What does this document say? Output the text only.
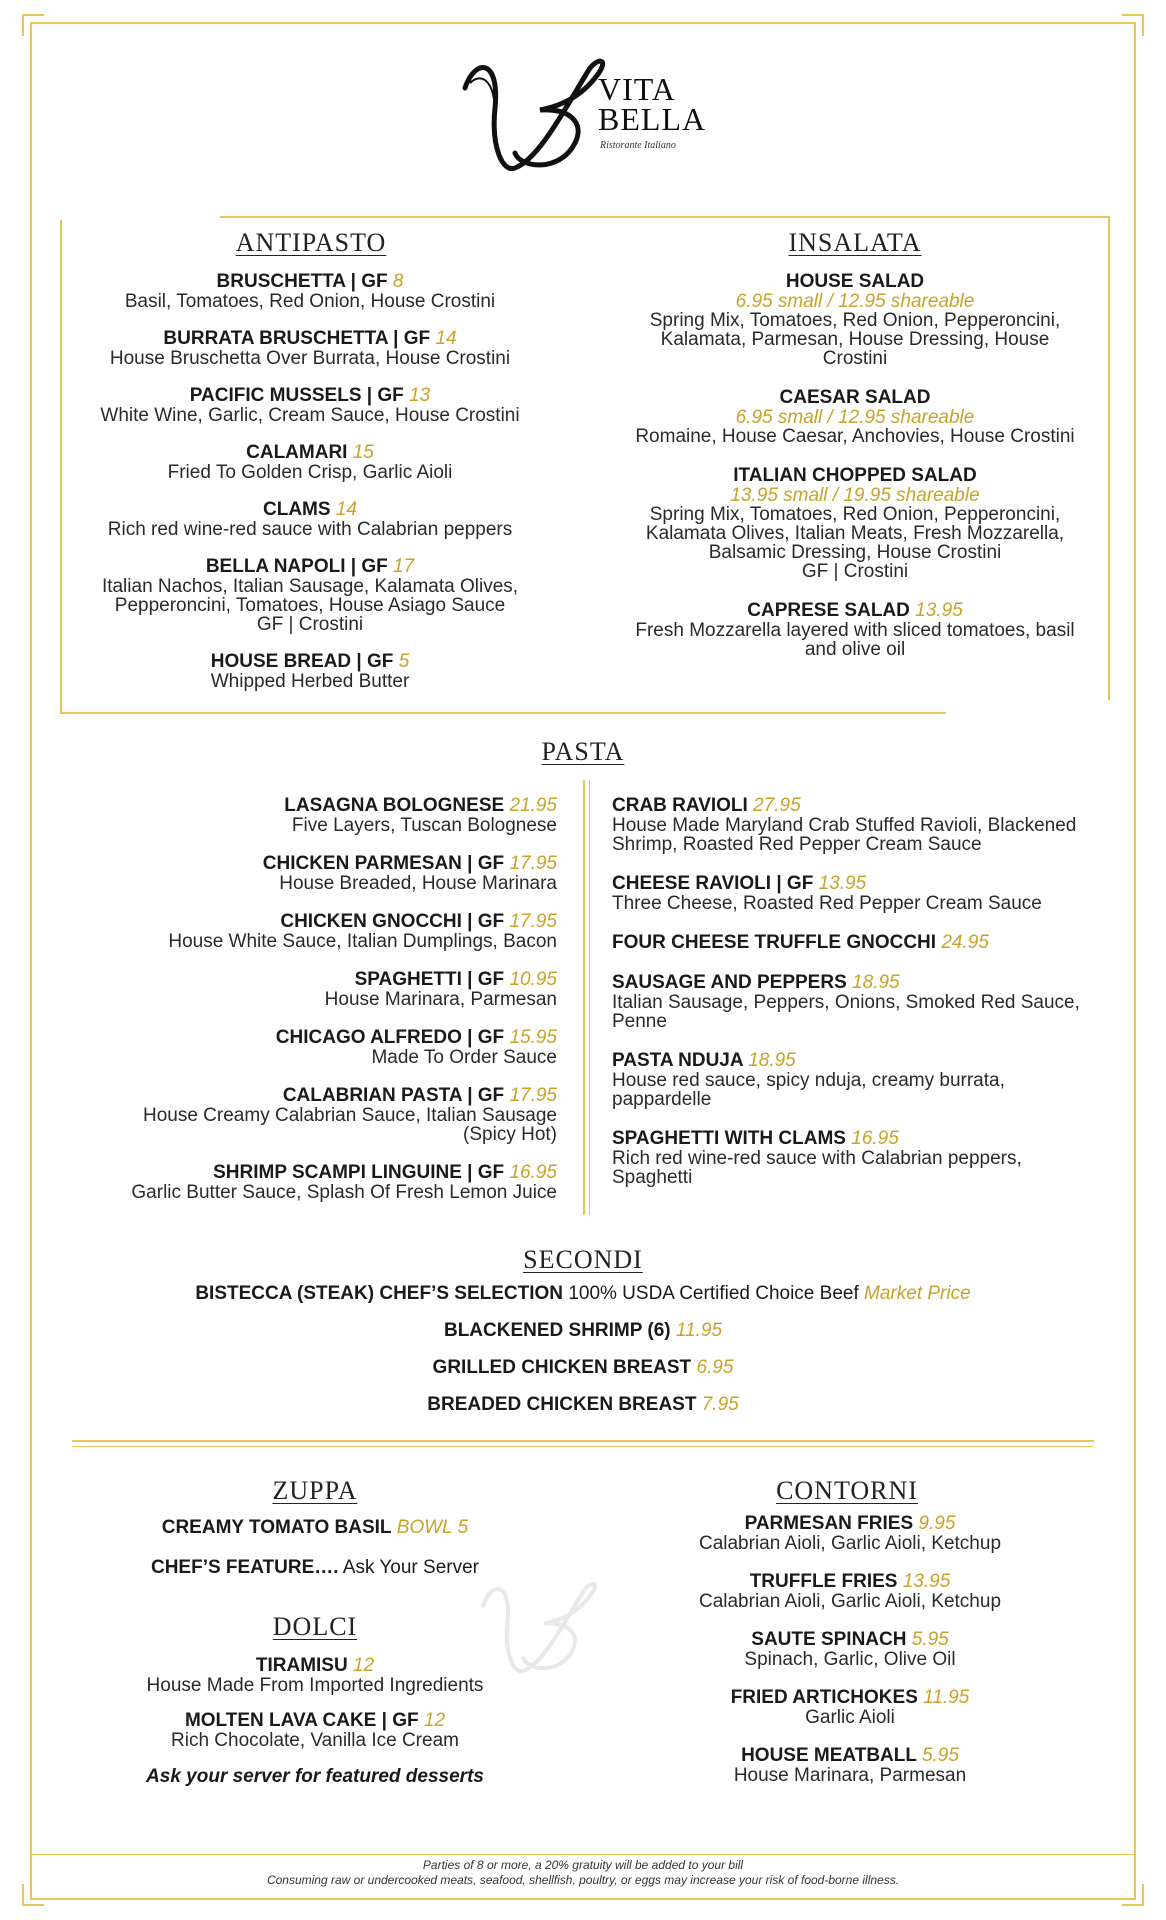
VITA
BELLA
Ristorante Italiano
ANTIPASTO	INSALATA
PASTA
SECONDI
ZUPPA
DOLCI
CONTORNI
BRUSCHETTA | GF 8
Basil, Tomatoes, Red Onion, House Crostini
BURRATA BRUSCHETTA | GF 14
House Bruschetta Over Burrata, House Crostini
PACIFIC MUSSELS | GF 13
White Wine, Garlic, Cream Sauce, House Crostini
CALAMARI 15
Fried To Golden Crisp, Garlic Aioli
CLAMS 14
Rich red wine-red sauce with Calabrian peppers
BELLA NAPOLI | GF 17
Italian Nachos, Italian Sausage, Kalamata Olives,
Pepperoncini, Tomatoes, House Asiago Sauce
GF | Crostini
HOUSE BREAD | GF 5
Whipped Herbed Butter
HOUSE SALAD
6.95 small / 12.95 shareable
Spring Mix, Tomatoes, Red Onion, Pepperoncini,
Kalamata, Parmesan, House Dressing, House
Crostini
CAESAR SALAD
6.95 small / 12.95 shareable
Romaine, House Caesar, Anchovies, House Crostini
ITALIAN CHOPPED SALAD
13.95 small / 19.95 shareable
Spring Mix, Tomatoes, Red Onion, Pepperoncini,
Kalamata Olives, Italian Meats, Fresh Mozzarella,
Balsamic Dressing, House Crostini
GF | Crostini
CAPRESE SALAD 13.95
Fresh Mozzarella layered with sliced tomatoes, basil
and olive oil
LASAGNA BOLOGNESE 21.95
Five Layers, Tuscan Bolognese
CHICKEN PARMESAN | GF 17.95
House Breaded, House Marinara
CHICKEN GNOCCHI | GF 17.95
House White Sauce, Italian Dumplings, Bacon
SPAGHETTI | GF 10.95
House Marinara, Parmesan
CHICAGO ALFREDO | GF 15.95
Made To Order Sauce
CALABRIAN PASTA | GF 17.95
House Creamy Calabrian Sauce, Italian Sausage
(Spicy Hot)
SHRIMP SCAMPI LINGUINE | GF 16.95
Garlic Butter Sauce, Splash Of Fresh Lemon Juice
CRAB RAVIOLI 27.95
House Made Maryland Crab Stuffed Ravioli, Blackened
Shrimp, Roasted Red Pepper Cream Sauce
CHEESE RAVIOLI | GF 13.95
Three Cheese, Roasted Red Pepper Cream Sauce
FOUR CHEESE TRUFFLE GNOCCHI 24.95
SAUSAGE AND PEPPERS 18.95
Italian Sausage, Peppers, Onions, Smoked Red Sauce,
Penne
PASTA NDUJA 18.95
House red sauce, spicy nduja, creamy burrata,
pappardelle
SPAGHETTI WITH CLAMS 16.95
Rich red wine-red sauce with Calabrian peppers,
Spaghetti
BISTECCA (STEAK) CHEF’S SELECTION 100% USDA Certified Choice Beef Market Price
BLACKENED SHRIMP (6) 11.95
GRILLED CHICKEN BREAST 6.95
BREADED CHICKEN BREAST 7.95
CREAMY TOMATO BASIL BOWL 5
CHEF’S FEATURE…. Ask Your Server
TIRAMISU 12
House Made From Imported Ingredients
MOLTEN LAVA CAKE | GF 12
Rich Chocolate, Vanilla Ice Cream
Ask your server for featured desserts
PARMESAN FRIES 9.95
Calabrian Aioli, Garlic Aioli, Ketchup
TRUFFLE FRIES 13.95
Calabrian Aioli, Garlic Aioli, Ketchup
SAUTE SPINACH 5.95
Spinach, Garlic, Olive Oil
FRIED ARTICHOKES 11.95
Garlic Aioli
HOUSE MEATBALL 5.95
House Marinara, Parmesan
Parties of 8 or more, a 20% gratuity will be added to your bill
Consuming raw or undercooked meats, seafood, shellfish, poultry, or eggs may increase your risk of food-borne illness.
